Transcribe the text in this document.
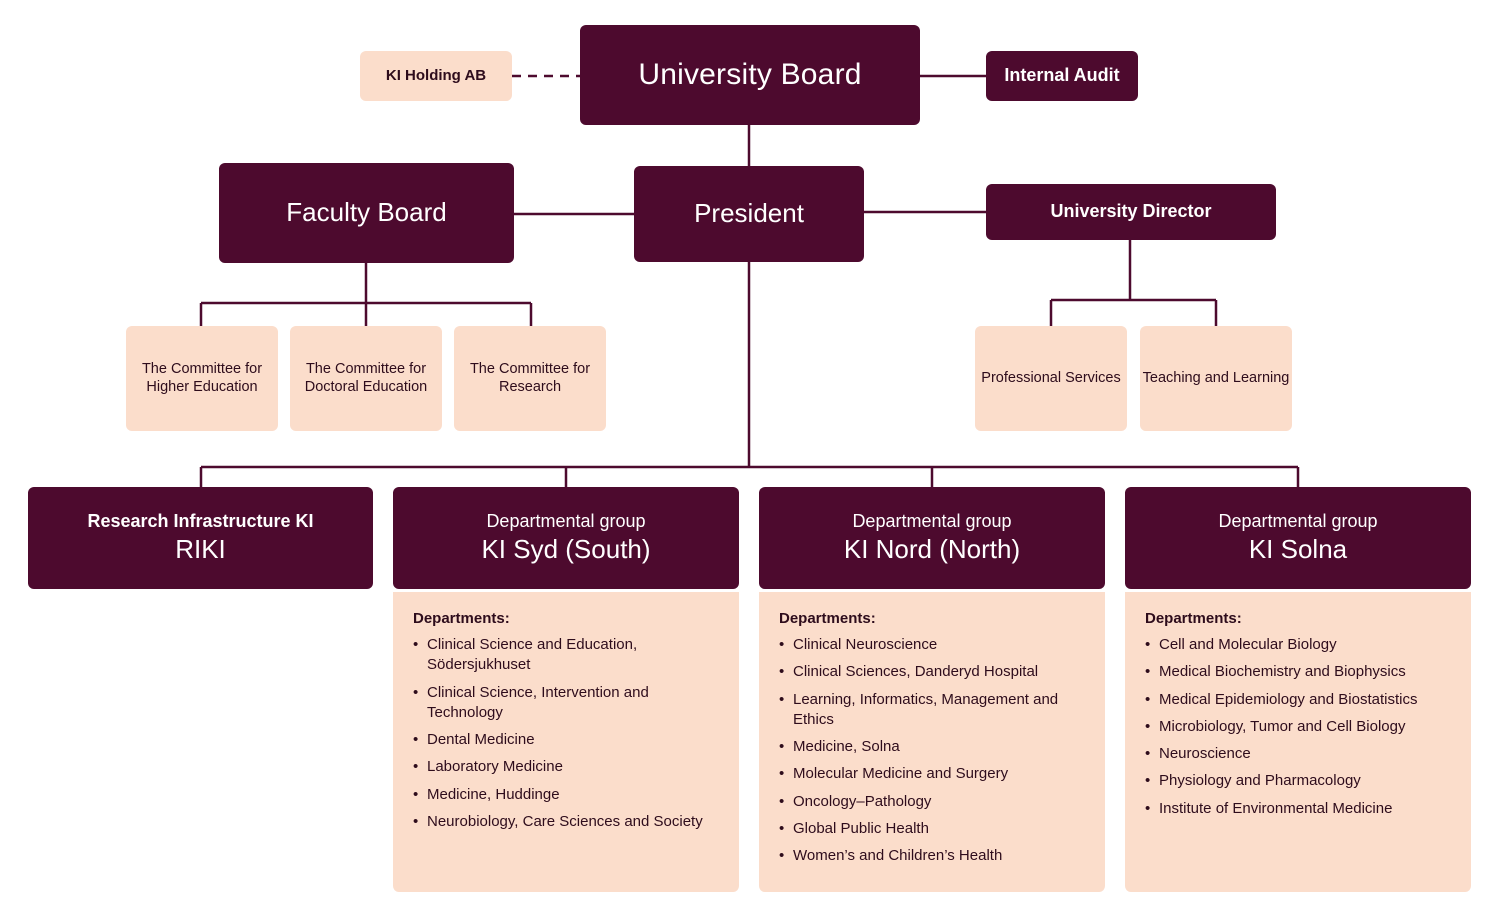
KI Holding AB	University Board	Internal Audit
Faculty Board	President	University Director
The Committee for Higher Education
The Committee for Doctoral Education
The Committee for Research
Professional Services Teaching and Learning
Research Infrastructure KI
RIKI
Departmental group
KI Syd (South)
Departments:
• Clinical Science and Education, Södersjukhuset
• Clinical Science, Intervention and Technology
• Dental Medicine
• Laboratory Medicine
• Medicine, Huddinge
• Neurobiology, Care Sciences and Society
Departmental group
KI Nord (North)
Departments:
• Clinical Neuroscience
• Clinical Sciences, Danderyd Hospital
• Learning, Informatics, Management and Ethics
• Medicine, Solna
• Molecular Medicine and Surgery
• Oncology–Pathology
• Global Public Health
• Women’s and Children’s Health
Departmental group
KI Solna
Departments:
• Cell and Molecular Biology
• Medical Biochemistry and Biophysics
• Medical Epidemiology and Biostatistics
• Microbiology, Tumor and Cell Biology
• Neuroscience
• Physiology and Pharmacology
• Institute of Environmental Medicine
